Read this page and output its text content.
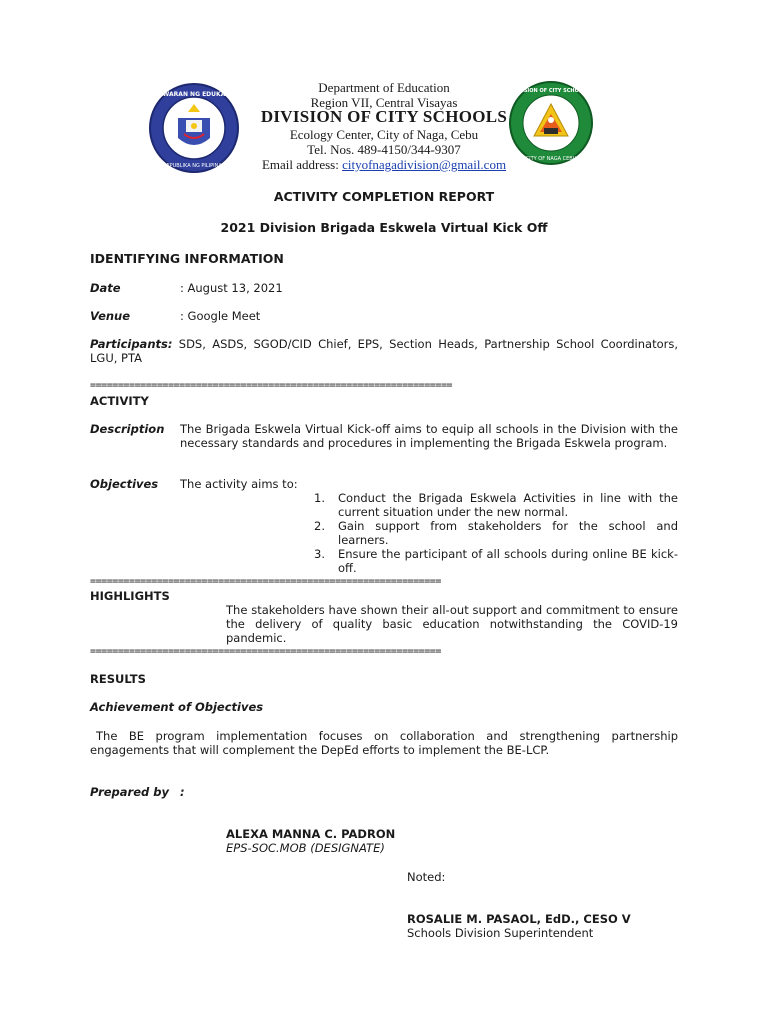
KAGAWARAN NG EDUKASYON
REPUBLIKA NG PILIPINAS
DIVISION OF CITY SCHOOLS
CITY OF NAGA CEBU
Department of Education
Region VII, Central Visayas
DIVISION OF CITY SCHOOLS
Ecology Center, City of Naga, Cebu
Tel. Nos. 489-4150/344-9307
Email address: cityofnagadivision@gmail.com
ACTIVITY COMPLETION REPORT
2021 Division Brigada Eskwela Virtual Kick Off
IDENTIFYING INFORMATION
Date	: August 13, 2021
Venue	: Google Meet
Participants: SDS, ASDS, SGOD/CID Chief, EPS, Section Heads, Partnership School Coordinators, LGU, PTA
=================================================================
ACTIVITY
Description The Brigada Eskwela Virtual Kick-off aims to equip all schools in the Division with the necessary standards and procedures in implementing the Brigada Eskwela program.
Objectives The activity aims to:
1.	Conduct the Brigada Eskwela Activities in line with the current situation under the new normal.
2.	Gain support from stakeholders for the school and learners.
3.	Ensure the participant of all schools during online BE kick-off.
===============================================================
HIGHLIGHTS
The stakeholders have shown their all-out support and commitment to ensure the delivery of quality basic education notwithstanding the COVID-19 pandemic.
===============================================================
RESULTS
Achievement of Objectives
The BE program implementation focuses on collaboration and strengthening partnership engagements that will complement the DepEd efforts to implement the BE-LCP.
Prepared by :
ALEXA MANNA C. PADRON
EPS-SOC.MOB (DESIGNATE)
Noted:
ROSALIE M. PASAOL, EdD., CESO V
Schools Division Superintendent
